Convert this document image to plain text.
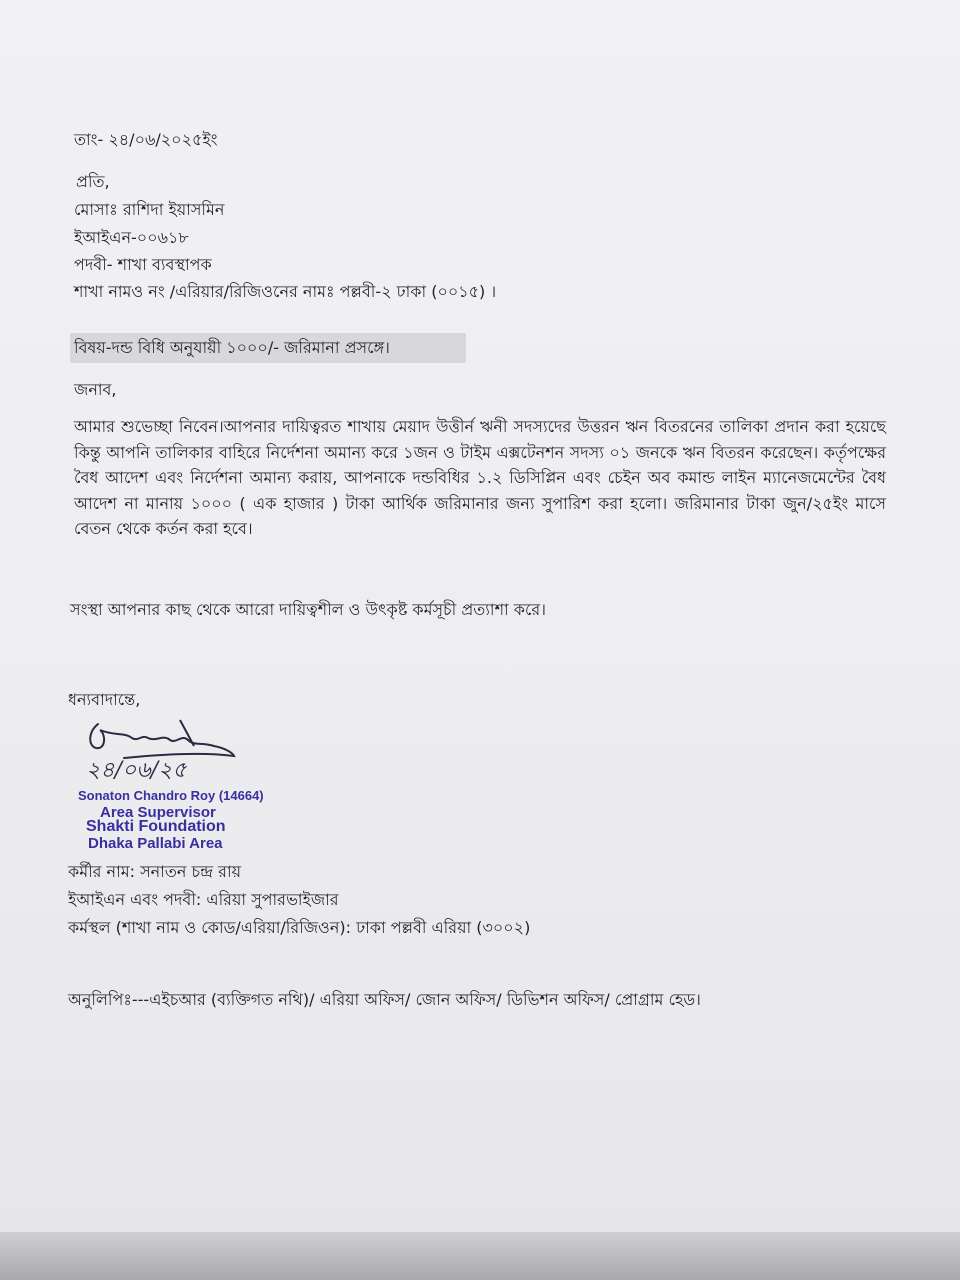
তাং- ২৪/০৬/২০২৫ইং
প্রতি,
মোসাঃ রাশিদা ইয়াসমিন
ইআইএন-০০৬১৮
পদবী- শাখা ব্যবস্থাপক
শাখা নামও নং /এরিয়ার/রিজিওনের নামঃ পল্লবী-২ ঢাকা (০০১৫) ।
বিষয়-দন্ড বিধি অনুযায়ী ১০০০/- জরিমানা প্রসঙ্গে।
জনাব,
আমার শুভেচ্ছা নিবেন।আপনার দায়িত্বরত শাখায় মেয়াদ উত্তীর্ন ঋনী সদস্যদের উত্তরন ঋন বিতরনের তালিকা প্রদান করা হয়েছে কিন্তু আপনি তালিকার বাহিরে নির্দেশনা অমান্য করে ১জন ও টাইম এক্সটেনশন সদস্য ০১ জনকে ঋন বিতরন করেছেন। কর্তৃপক্ষের বৈধ আদেশ এবং নির্দেশনা অমান্য করায়, আপনাকে দন্ডবিধির ১.২ ডিসিপ্লিন এবং চেইন অব কমান্ড লাইন ম্যানেজমেন্টের বৈধ আদেশ না মানায় ১০০০ ( এক হাজার ) টাকা আর্থিক জরিমানার জন্য সুপারিশ করা হলো। জরিমানার টাকা জুন/২৫ইং মাসে বেতন থেকে কর্তন করা হবে।
সংস্থা আপনার কাছ থেকে আরো দায়িত্বশীল ও উৎকৃষ্ট কর্মসূচী প্রত্যাশা করে।
ধন্যবাদান্তে,
২৪/০৬/২৫
Sonaton Chandro Roy (14664)
Area Supervisor
Shakti Foundation
Dhaka Pallabi Area
কর্মীর নাম: সনাতন চন্দ্র রায়
ইআইএন এবং পদবী: এরিয়া সুপারভাইজার
কর্মস্থল (শাখা নাম ও কোড/এরিয়া/রিজিওন): ঢাকা পল্লবী এরিয়া (৩০০২)
অনুলিপিঃ---এইচআর (ব্যক্তিগত নথি)/ এরিয়া অফিস/ জোন অফিস/ ডিভিশন অফিস/ প্রোগ্রাম হেড।
